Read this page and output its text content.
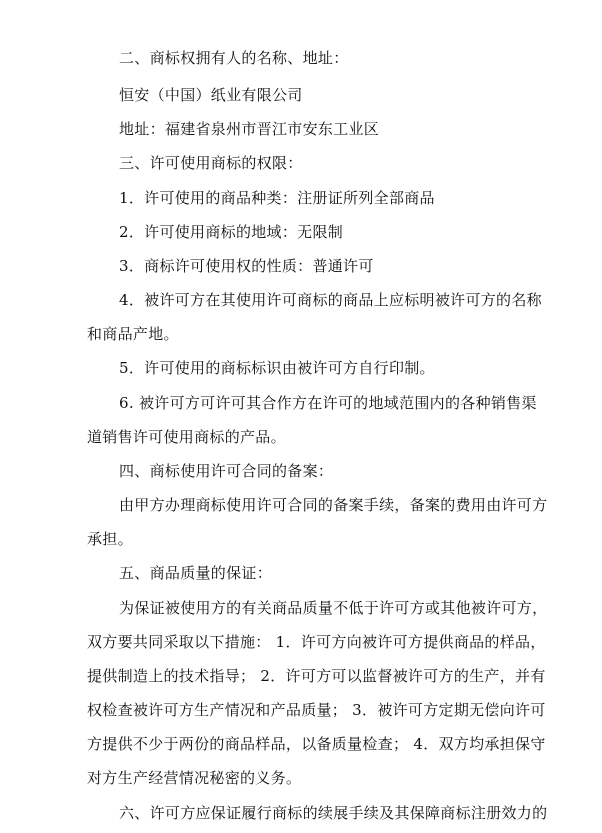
二、商标权拥有人的名称、地址：
恒安（中国）纸业有限公司
地址：福建省泉州市晋江市安东工业区
三、许可使用商标的权限：
1．许可使用的商品种类：注册证所列全部商品
2．许可使用商标的地域：无限制
3．商标许可使用权的性质：普通许可
4．被许可方在其使用许可商标的商品上应标明被许可方的名称
和商品产地。
5．许可使用的商标标识由被许可方自行印制。
6. 被许可方可许可其合作方在许可的地域范围内的各种销售渠
道销售许可使用商标的产品。
四、商标使用许可合同的备案：
由甲方办理商标使用许可合同的备案手续，备案的费用由许可方
承担。
五、商品质量的保证：
为保证被使用方的有关商品质量不低于许可方或其他被许可方，
双方要共同采取以下措施： 1．许可方向被许可方提供商品的样品，
提供制造上的技术指导； 2．许可方可以监督被许可方的生产，并有
权检查被许可方生产情况和产品质量； 3．被许可方定期无偿向许可
方提供不少于两份的商品样品，以备质量检查； 4．双方均承担保守
对方生产经营情况秘密的义务。
六、许可方应保证履行商标的续展手续及其保障商标注册效力的
